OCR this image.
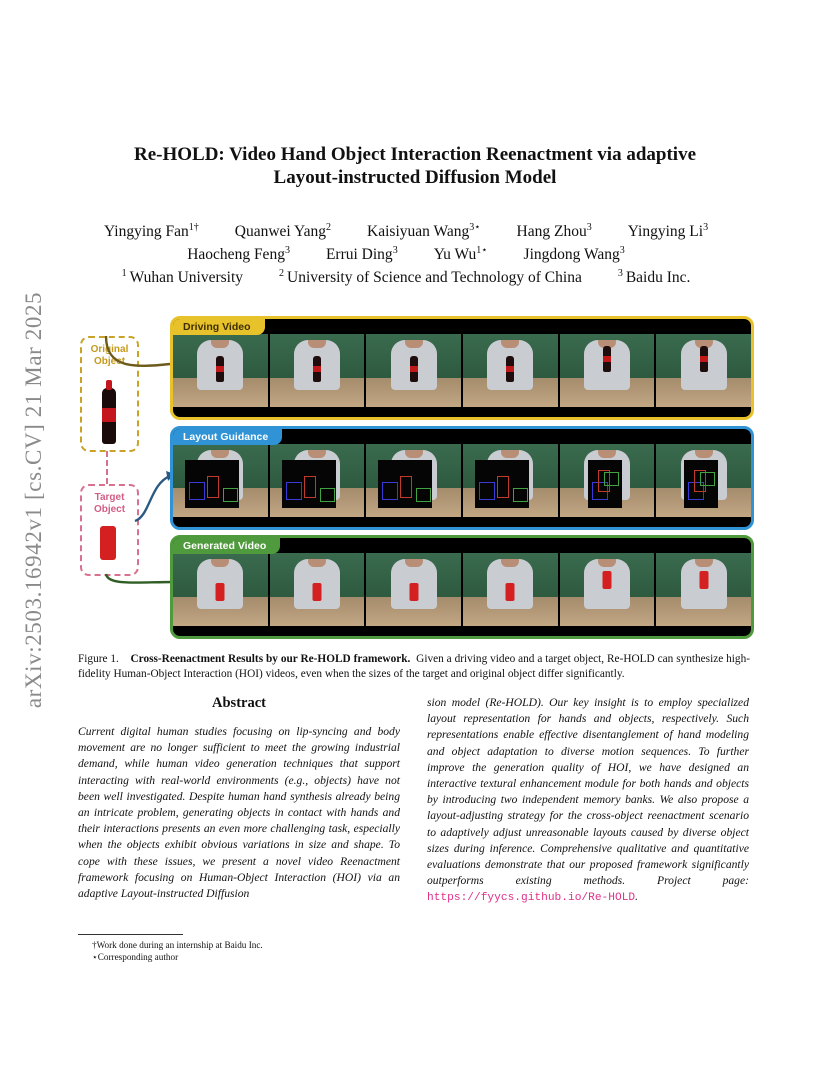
arXiv:2503.16942v1 [cs.CV] 21 Mar 2025
Re-HOLD: Video Hand Object Interaction Reenactment via adaptive
Layout-instructed Diffusion Model
Yingying Fan$^{1\dagger}$ Quanwei Yang$^2$ Kaisiyuan Wang$^{3⋆}$ Hang Zhou$^3$ Yingying Li$^3$
Haocheng Feng$^3$ Errui Ding$^3$ Yu $Wu^{1⋆}$ Jingdong Wang$^3$
$^1$ Wuhan University	$^2$ University of Science and Technology of China	$^3$ Baidu Inc.
Original Object
Target Object
Driving Video
Layout Guidance
Generated Video
Figure 1. Cross-Reenactment Results by our Re-HOLD framework. Given a driving video and a target object, Re-HOLD can synthesize high-fidelity Human-Object Interaction (HOI) videos, even when the sizes of the target and original object differ significantly.
Abstract

Current digital human studies focusing on lip-syncing and body movement are no longer sufficient to meet the growing industrial demand, while human video generation techniques that support interacting with real-world environments (e.g., objects) have not been well investigated. Despite human hand synthesis already being an intricate problem, generating objects in contact with hands and their interactions presents an even more challenging task, especially when the objects exhibit obvious variations in size and shape. To cope with these issues, we present a novel video Reenactment framework focusing on Human-Object Interaction (HOI) via an adaptive Layout-instructed Diffusion

sion model (Re-HOLD). Our key insight is to employ specialized layout representation for hands and objects, respectively. Such representations enable effective disentanglement of hand modeling and object adaptation to diverse motion sequences. To further improve the generation quality of HOI, we have designed an interactive textural enhancement module for both hands and objects by introducing two independent memory banks. We also propose a layout-adjusting strategy for the cross-object reenactment scenario to adaptively adjust unreasonable layouts caused by diverse object sizes during inference. Comprehensive qualitative and quantitative evaluations demonstrate that our proposed framework significantly outperforms existing methods. Project page: https://fyycs.github.io/Re-HOLD.

†Work done during an internship at Baidu Inc.
⋆Corresponding author
